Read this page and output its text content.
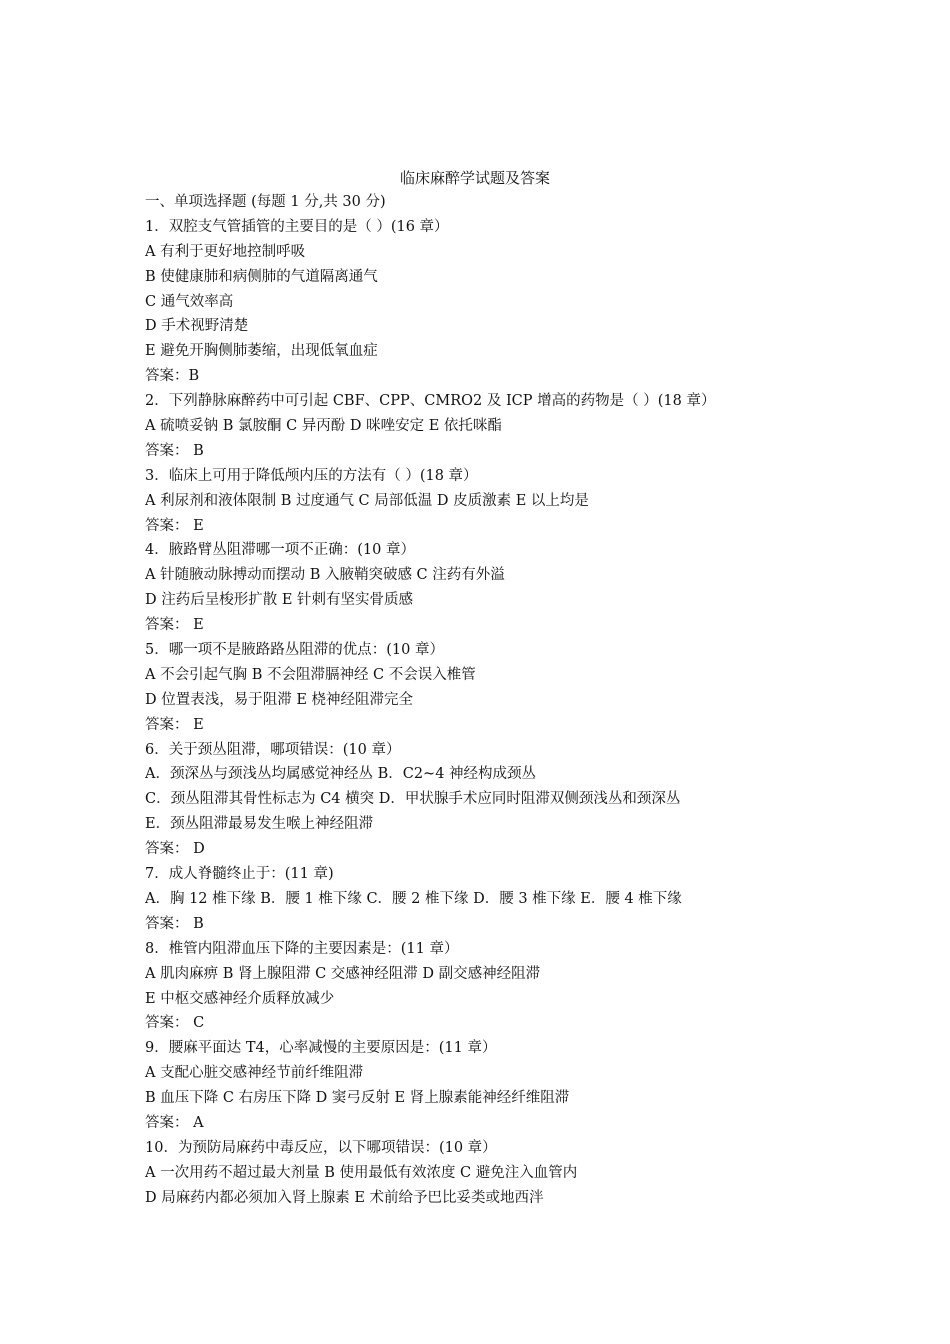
临床麻醉学试题及答案
一、单项选择题 (每题 1 分,共 30 分)
1．双腔支气管插管的主要目的是（ ）(16 章）
A 有利于更好地控制呼吸
B 使健康肺和病侧肺的气道隔离通气
C 通气效率高
D 手术视野清楚
E 避免开胸侧肺萎缩，出现低氧血症
答案：B
2．下列静脉麻醉药中可引起 CBF、CPP、CMRO2 及 ICP 增高的药物是（ ）(18 章）
A 硫喷妥钠 B 氯胺酮 C 异丙酚 D 咪唑安定 E 依托咪酯
答案： B
3．临床上可用于降低颅内压的方法有（ ）(18 章）
A 利尿剂和液体限制 B 过度通气 C 局部低温 D 皮质激素 E 以上均是
答案： E
4．腋路臂丛阻滞哪一项不正确：(10 章）
A 针随腋动脉搏动而摆动 B 入腋鞘突破感 C 注药有外溢
D 注药后呈梭形扩散 E 针刺有坚实骨质感
答案： E
5．哪一项不是腋路路丛阻滞的优点：(10 章）
A 不会引起气胸 B 不会阻滞膈神经 C 不会误入椎管
D 位置表浅，易于阻滞 E 桡神经阻滞完全
答案： E
6．关于颈丛阻滞，哪项错误：(10 章）
A．颈深丛与颈浅丛均属感觉神经丛 B．C2~4 神经构成颈丛
C．颈丛阻滞其骨性标志为 C4 横突 D．甲状腺手术应同时阻滞双侧颈浅丛和颈深丛
E．颈丛阻滞最易发生喉上神经阻滞
答案： D
7．成人脊髓终止于：(11 章)
A．胸 12 椎下缘 B．腰 1 椎下缘 C．腰 2 椎下缘 D．腰 3 椎下缘 E．腰 4 椎下缘
答案： B
8．椎管内阻滞血压下降的主要因素是：(11 章）
A 肌肉麻痹 B 肾上腺阻滞 C 交感神经阻滞 D 副交感神经阻滞
E 中枢交感神经介质释放减少
答案： C
9．腰麻平面达 T4，心率减慢的主要原因是：(11 章）
A 支配心脏交感神经节前纤维阻滞
B 血压下降 C 右房压下降 D 窦弓反射 E 肾上腺素能神经纤维阻滞
答案： A
10．为预防局麻药中毒反应，以下哪项错误：(10 章）
A 一次用药不超过最大剂量 B 使用最低有效浓度 C 避免注入血管内
D 局麻药内都必须加入肾上腺素 E 术前给予巴比妥类或地西泮
